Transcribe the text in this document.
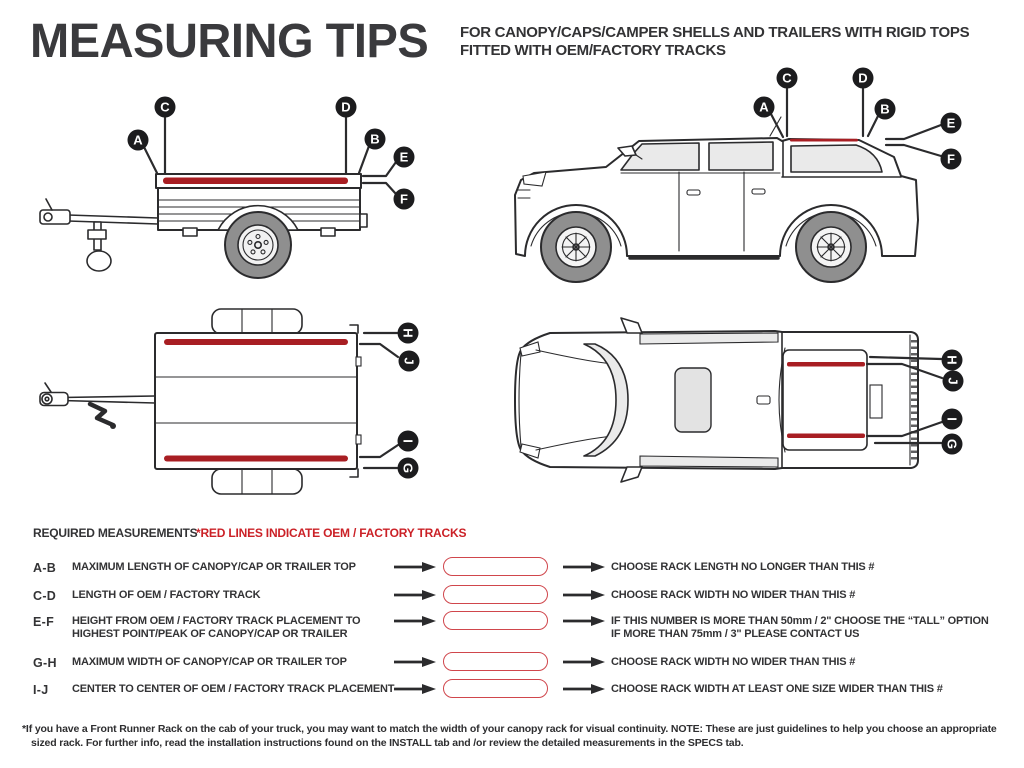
MEASURING TIPS FOR CANOPY/CAPS/CAMPER SHELLS AND TRAILERS WITH RIGID TOPS
FITTED WITH OEM/FACTORY TRACKS
A
C	D
B
E
F
C	D
A	B
E
F
H
J
I
G
H
J
I
G
REQUIRED MEASUREMENTS
*RED LINES INDICATE OEM / FACTORY TRACKS
A-B MAXIMUM LENGTH OF CANOPY/CAP OR TRAILER TOP	CHOOSE RACK LENGTH NO LONGER THAN THIS #
C-D LENGTH OF OEM / FACTORY TRACK	CHOOSE RACK WIDTH NO WIDER THAN THIS #
E-F HEIGHT FROM OEM / FACTORY TRACK PLACEMENT TO
HIGHEST POINT/PEAK OF CANOPY/CAP OR TRAILER
IF THIS NUMBER IS MORE THAN 50mm / 2" CHOOSE THE “TALL” OPTION
IF MORE THAN 75mm / 3" PLEASE CONTACT US
G-H MAXIMUM WIDTH OF CANOPY/CAP OR TRAILER TOP	CHOOSE RACK WIDTH NO WIDER THAN THIS #
I-J CENTER TO CENTER OF OEM / FACTORY TRACK PLACEMENT	CHOOSE RACK WIDTH AT LEAST ONE SIZE WIDER THAN THIS #
*If you have a Front Runner Rack on the cab of your truck, you may want to match the width of your canopy rack for visual continuity. NOTE: These are just guidelines to help you choose an appropriate sized rack. For further info, read the installation instructions found on the INSTALL tab and /or review the detailed measurements in the SPECS tab.
